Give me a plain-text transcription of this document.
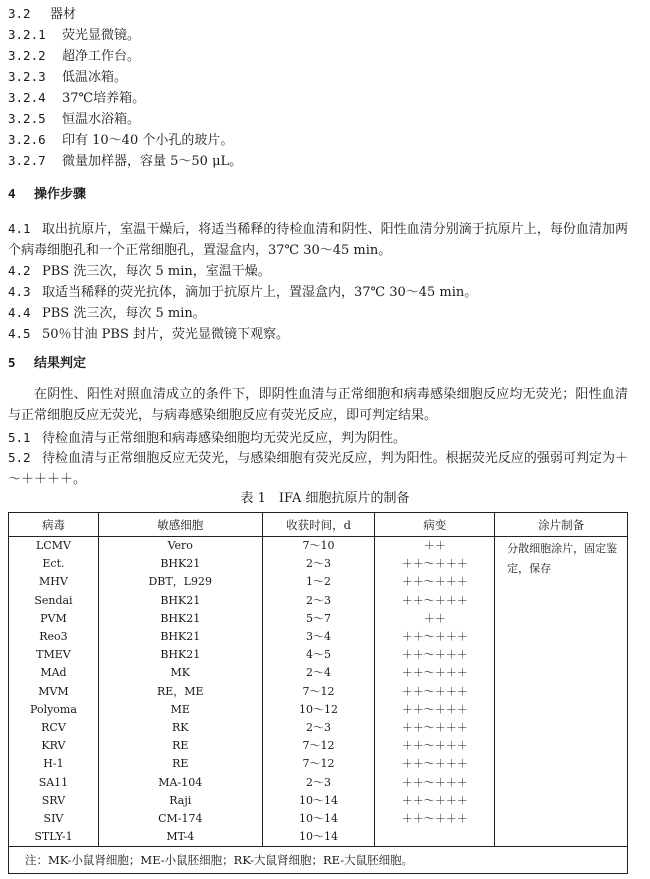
3.2 器材
3.2.1 荧光显微镜。
3.2.2 超净工作台。
3.2.3 低温冰箱。
3.2.4 37℃培养箱。
3.2.5 恒温水浴箱。
3.2.6 印有 10～40 个小孔的玻片。
3.2.7 微量加样器，容量 5～50 μL。
4 操作步骤
4.1 取出抗原片，室温干燥后，将适当稀释的待检血清和阴性、阳性血清分别滴于抗原片上，每份血清加两个病毒细胞孔和一个正常细胞孔，置湿盒内，37℃ 30～45 min。
4.2 PBS 洗三次，每次 5 min，室温干燥。
4.3 取适当稀释的荧光抗体，滴加于抗原片上，置湿盒内，37℃ 30～45 min。
4.4 PBS 洗三次，每次 5 min。
4.5 50％甘油 PBS 封片，荧光显微镜下观察。
5 结果判定
在阴性、阳性对照血清成立的条件下，即阴性血清与正常细胞和病毒感染细胞反应均无荧光；阳性血清与正常细胞反应无荧光，与病毒感染细胞反应有荧光反应，即可判定结果。
5.1 待检血清与正常细胞和病毒感染细胞均无荧光反应，判为阴性。
5.2 待检血清与正常细胞反应无荧光，与感染细胞有荧光反应，判为阳性。根据荧光反应的强弱可判定为＋～＋＋＋＋。
表 1　IFA 细胞抗原片的制备
病毒	敏感细胞	收获时间，d	病变	涂片制备
LCMV	Vero	7～10	＋＋	分散细胞涂片，固定鉴定，保存
Ect.	BHK21	2～3	＋＋～＋＋＋	
MHV	DBT，L929	1～2	＋＋～＋＋＋	
Sendai	BHK21	2～3	＋＋～＋＋＋	
PVM	BHK21	5～7	＋＋	
Reo3	BHK21	3～4	＋＋～＋＋＋	
TMEV	BHK21	4～5	＋＋～＋＋＋	
MAd	MK	2～4	＋＋～＋＋＋	
MVM	RE，ME	7～12	＋＋～＋＋＋	
Polyoma	ME	10～12	＋＋～＋＋＋	
RCV	RK	2～3	＋＋～＋＋＋	
KRV	RE	7～12	＋＋～＋＋＋	
H-1	RE	7～12	＋＋～＋＋＋	
SA11	MA-104	2～3	＋＋～＋＋＋	
SRV	Raji	10～14	＋＋～＋＋＋	
SIV	CM-174	10～14	＋＋～＋＋＋	
STLY-1	MT-4	10～14		
注：MK-小鼠肾细胞；ME-小鼠胚细胞；RK-大鼠肾细胞；RE-大鼠胚细胞。				
